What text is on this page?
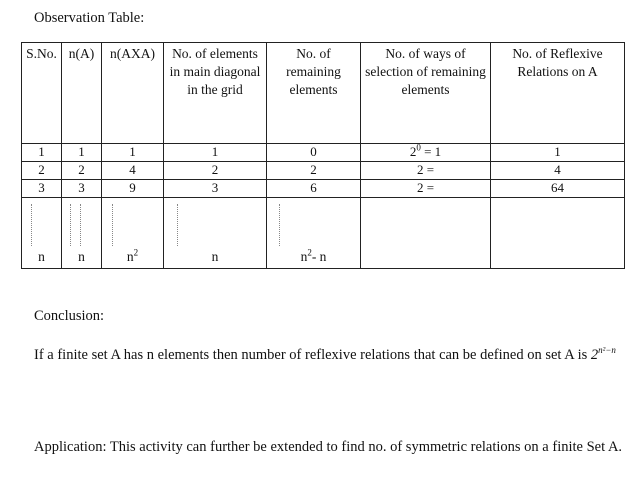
Observation Table:
S.No.	n(A)	n(AXA)	No. of elements in main diagonal in the grid	No. of remaining elements	No. of ways of selection of remaining elements	No. of Reflexive Relations on A
1	1	1	1	0	$2^0 = 1$	1
2	2	4	2	2	2 =	4
3	3	9	3	6	2 =	64

n	n	$n^2$	n	$n^2-$ n		
Conclusion:
If a finite set A has n elements then number of reflexive relations that can be defined on set A is $2^{n^2-n}$
Application: This activity can further be extended to find no. of symmetric relations on a finite Set A.
